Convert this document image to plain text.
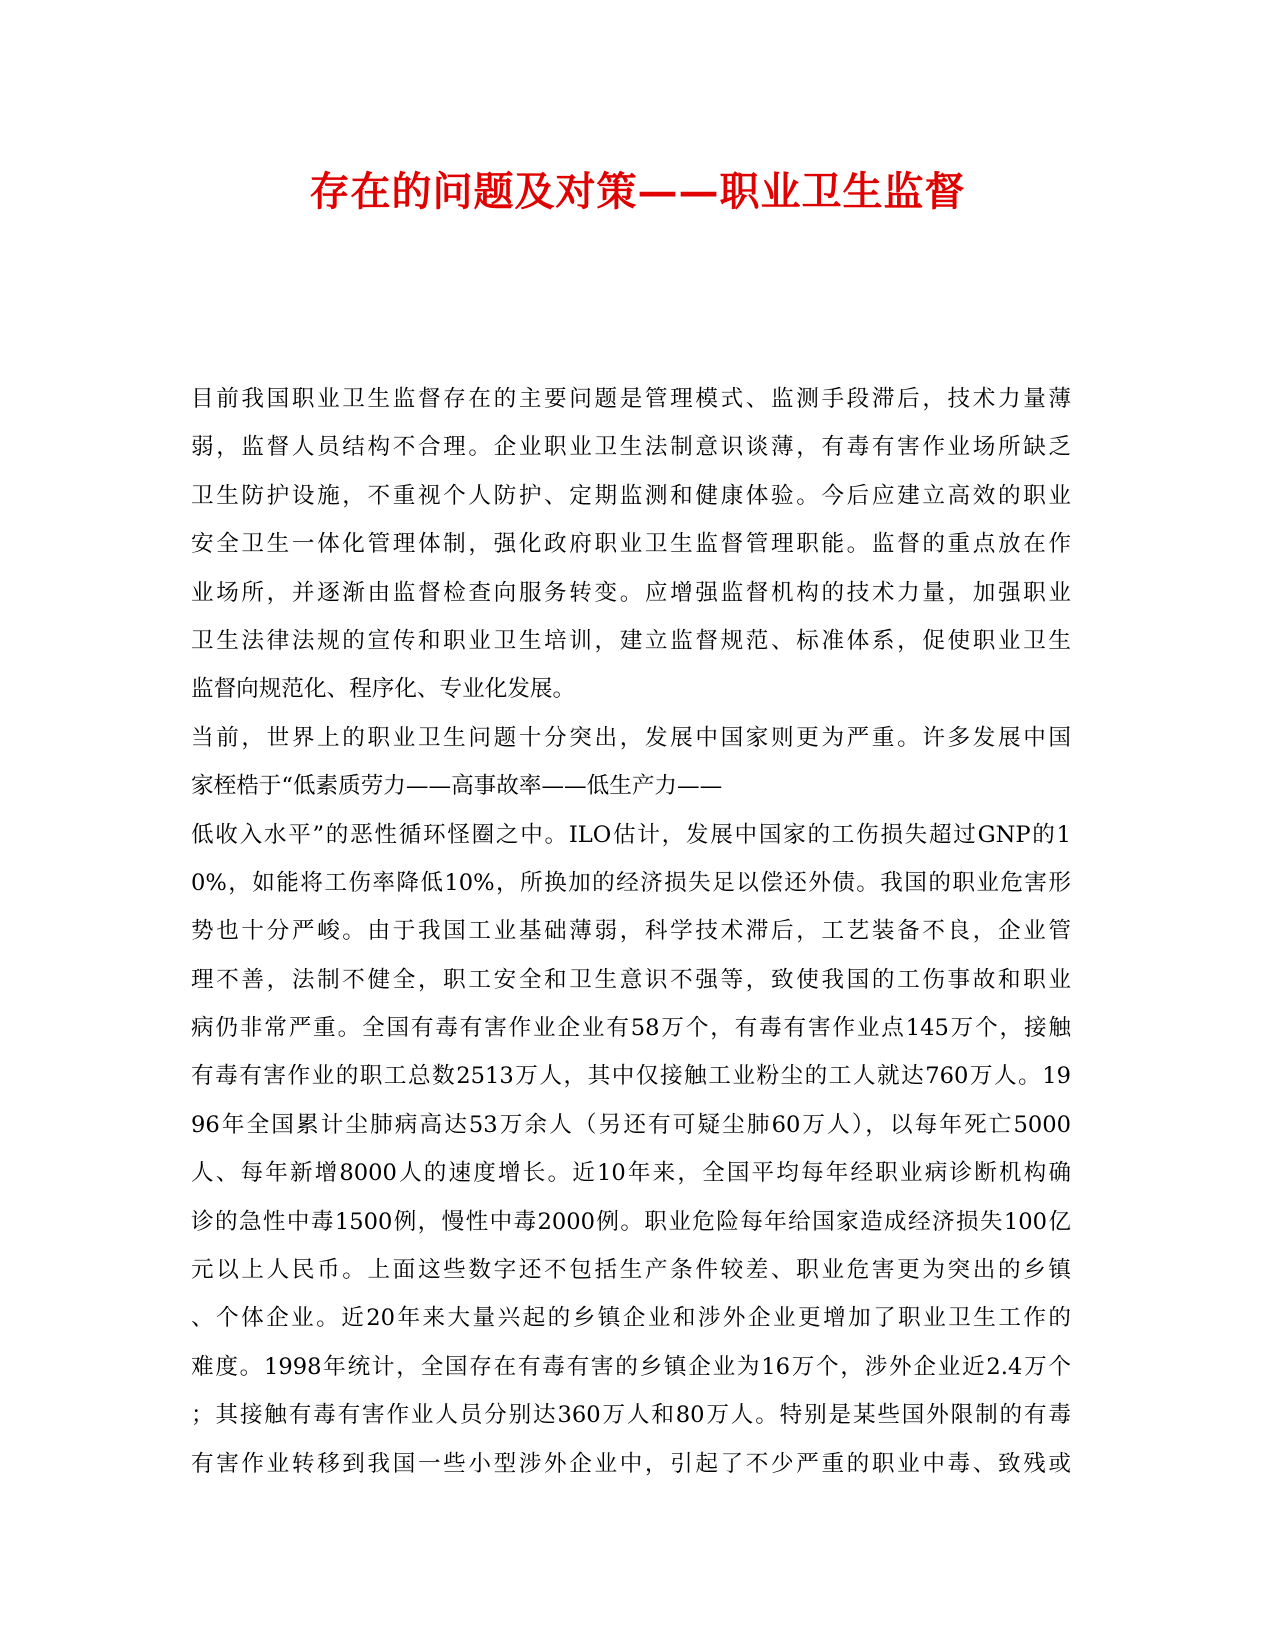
存在的问题及对策——职业卫生监督
目前我国职业卫生监督存在的主要问题是管理模式、监测手段滞后，技术力量薄
弱，监督人员结构不合理。企业职业卫生法制意识谈薄，有毒有害作业场所缺乏
卫生防护设施，不重视个人防护、定期监测和健康体验。今后应建立高效的职业
安全卫生一体化管理体制，强化政府职业卫生监督管理职能。监督的重点放在作
业场所，并逐渐由监督检查向服务转变。应增强监督机构的技术力量，加强职业
卫生法律法规的宣传和职业卫生培训，建立监督规范、标准体系，促使职业卫生
监督向规范化、程序化、专业化发展。
当前，世界上的职业卫生问题十分突出，发展中国家则更为严重。许多发展中国
家桎梏于“低素质劳力——高事故率——低生产力——
低收入水平”的恶性循环怪圈之中。ILO估计，发展中国家的工伤损失超过GNP的1
0%，如能将工伤率降低10%，所换加的经济损失足以偿还外债。我国的职业危害形
势也十分严峻。由于我国工业基础薄弱，科学技术滞后，工艺装备不良，企业管
理不善，法制不健全，职工安全和卫生意识不强等，致使我国的工伤事故和职业
病仍非常严重。全国有毒有害作业企业有58万个，有毒有害作业点145万个，接触
有毒有害作业的职工总数2513万人，其中仅接触工业粉尘的工人就达760万人。19
96年全国累计尘肺病高达53万余人（另还有可疑尘肺60万人），以每年死亡5000
人、每年新增8000人的速度增长。近10年来，全国平均每年经职业病诊断机构确
诊的急性中毒1500例，慢性中毒2000例。职业危险每年给国家造成经济损失100亿
元以上人民币。上面这些数字还不包括生产条件较差、职业危害更为突出的乡镇
、个体企业。近20年来大量兴起的乡镇企业和涉外企业更增加了职业卫生工作的
难度。1998年统计，全国存在有毒有害的乡镇企业为16万个，涉外企业近2.4万个
；其接触有毒有害作业人员分别达360万人和80万人。特别是某些国外限制的有毒
有害作业转移到我国一些小型涉外企业中，引起了不少严重的职业中毒、致残或
